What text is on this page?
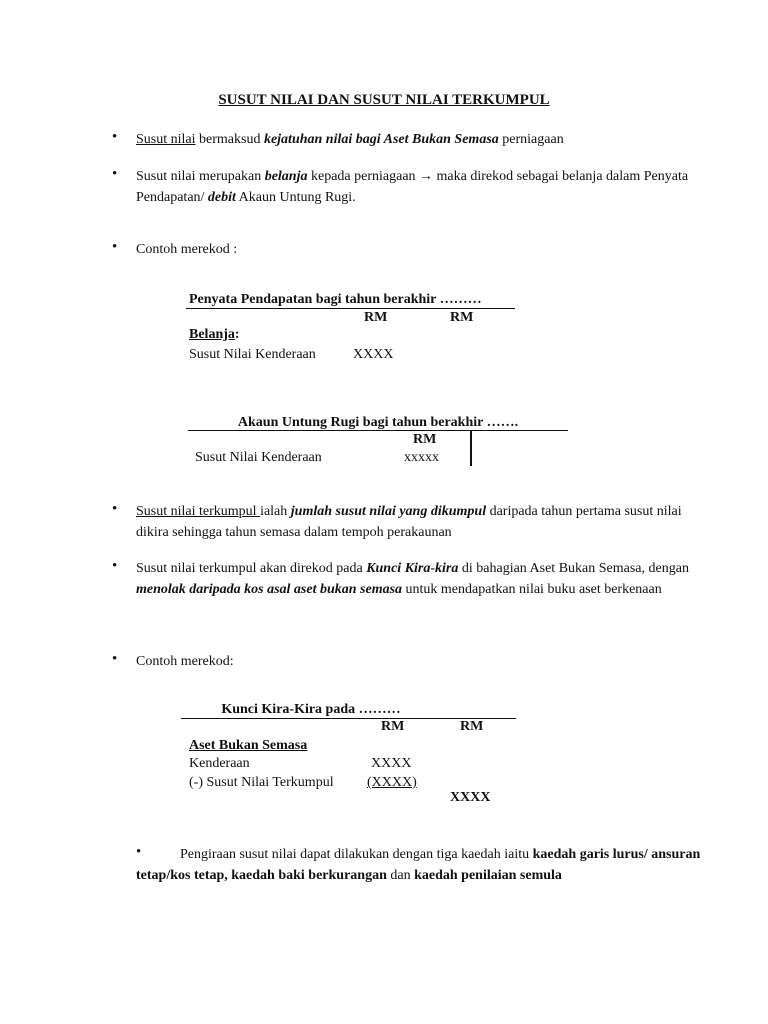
SUSUT NILAI DAN SUSUT NILAI TERKUMPUL
• Susut nilai bermaksud kejatuhan nilai bagi Aset Bukan Semasa perniagaan
• Susut nilai merupakan belanja kepada perniagaan → maka direkod sebagai belanja dalam Penyata Pendapatan/ debit Akaun Untung Rugi.
• Contoh merekod :
Penyata Pendapatan bagi tahun berakhir ………
RM	RM
Belanja:
Susut Nilai Kenderaan	XXXX
Akaun Untung Rugi bagi tahun berakhir …….
RM
Susut Nilai Kenderaan	xxxxx
• Susut nilai terkumpul ialah jumlah susut nilai yang dikumpul daripada tahun pertama susut nilai dikira sehingga tahun semasa dalam tempoh perakaunan
• Susut nilai terkumpul akan direkod pada Kunci Kira-kira di bahagian Aset Bukan Semasa, dengan menolak daripada kos asal aset bukan semasa untuk mendapatkan nilai buku aset berkenaan
• Contoh merekod:
Kunci Kira-Kira pada ………
RM	RM
Aset Bukan Semasa
Kenderaan	XXXX
(-) Susut Nilai Terkumpul (XXXX)
XXXX
•	Pengiraan susut nilai dapat dilakukan dengan tiga kaedah iaitu kaedah garis lurus/ ansuran tetap/kos tetap, kaedah baki berkurangan dan kaedah penilaian semula
